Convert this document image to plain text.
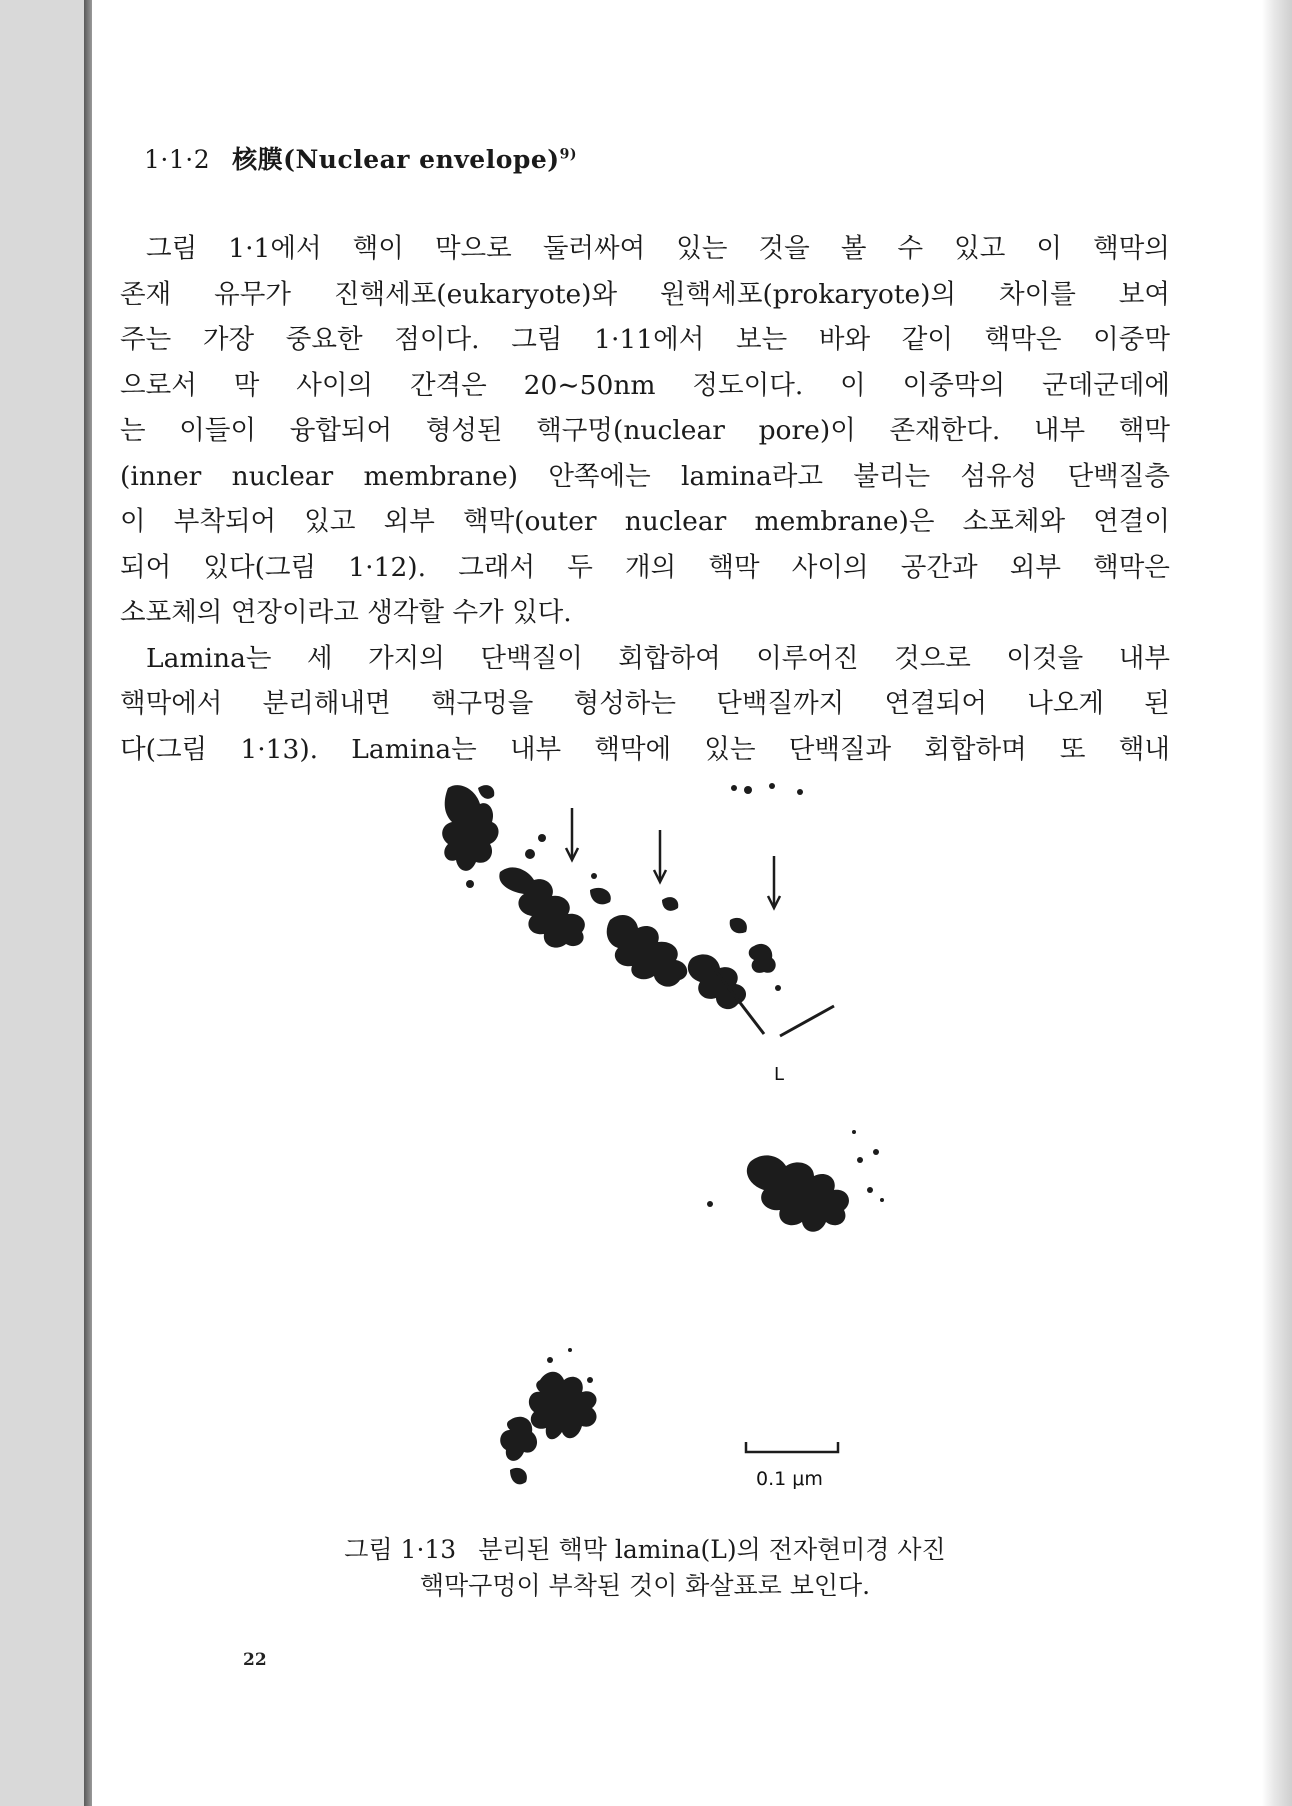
1·1·2 核膜(Nuclear envelope)$^{9)}$
그림 1·1에서 핵이 막으로 둘러싸여 있는 것을 볼 수 있고 이 핵막의
존재 유무가 진핵세포(eukaryote)와 원핵세포(prokaryote)의 차이를 보여
주는 가장 중요한 점이다. 그림 1·11에서 보는 바와 같이 핵막은 이중막
으로서 막 사이의 간격은 20∼50nm 정도이다. 이 이중막의 군데군데에
는 이들이 융합되어 형성된 핵구멍(nuclear pore)이 존재한다. 내부 핵막
(inner nuclear membrane) 안쪽에는 lamina라고 불리는 섬유성 단백질층
이 부착되어 있고 외부 핵막(outer nuclear membrane)은 소포체와 연결이
되어 있다(그림 1·12). 그래서 두 개의 핵막 사이의 공간과 외부 핵막은
소포체의 연장이라고 생각할 수가 있다.
Lamina는 세 가지의 단백질이 회합하여 이루어진 것으로 이것을 내부
핵막에서 분리해내면 핵구멍을 형성하는 단백질까지 연결되어 나오게 된
다(그림 1·13). Lamina는 내부 핵막에 있는 단백질과 회합하며 또 핵내
L
0.1 μm
그림 1·13 분리된 핵막 lamina(L)의 전자현미경 사진
핵막구멍이 부착된 것이 화살표로 보인다.
22
